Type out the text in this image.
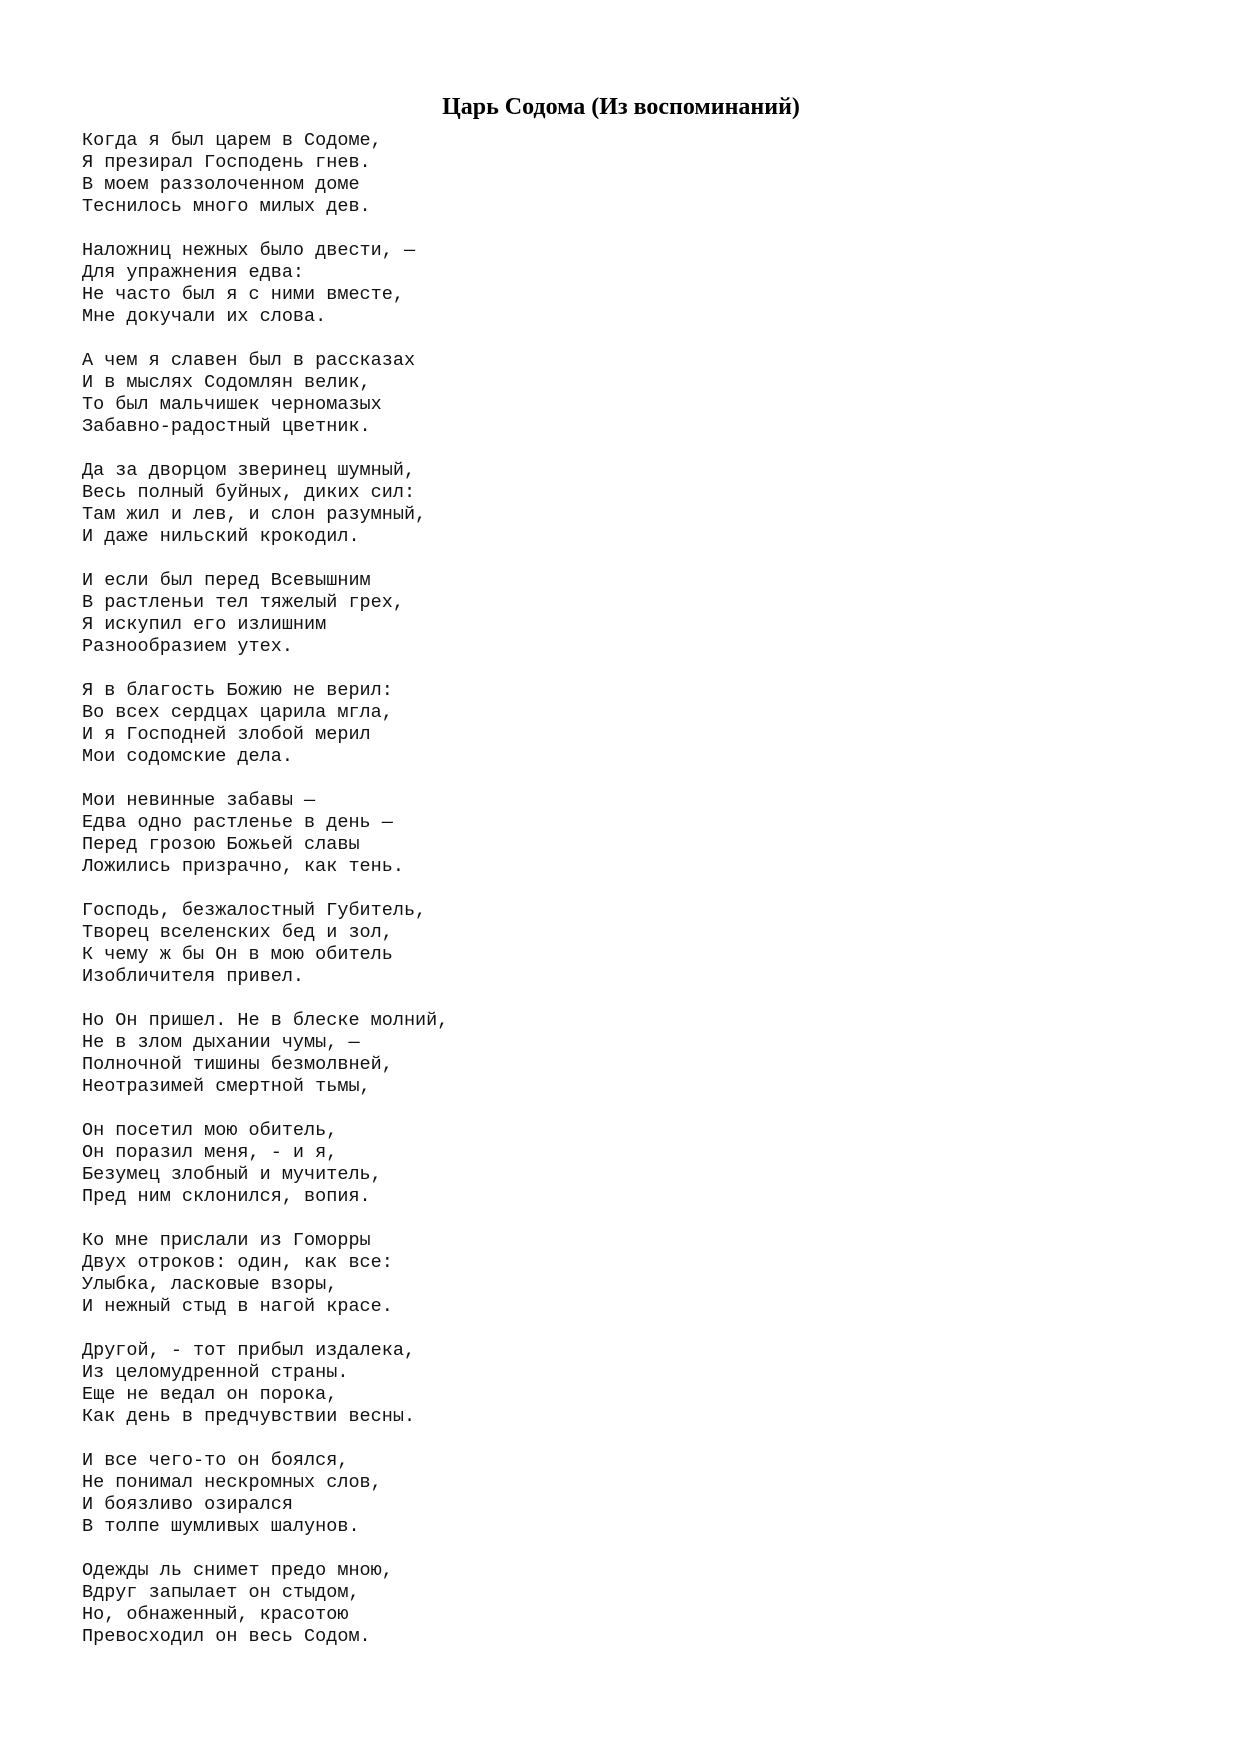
Царь Содома (Из воспоминаний)
Когда я был царем в Содоме,
Я презирал Господень гнев.
В моем раззолоченном доме
Теснилось много милых дев.
Наложниц нежных было двести, —
Для упражнения едва:
Не часто был я с ними вместе,
Мне докучали их слова.
А чем я славен был в рассказах
И в мыслях Содомлян велик,
То был мальчишек черномазых
Забавно-радостный цветник.
Да за дворцом зверинец шумный,
Весь полный буйных, диких сил:
Там жил и лев, и слон разумный,
И даже нильский крокодил.
И если был перед Всевышним
В растленьи тел тяжелый грех,
Я искупил его излишним
Разнообразием утех.
Я в благость Божию не верил:
Во всех сердцах царила мгла,
И я Господней злобой мерил
Мои содомские дела.
Мои невинные забавы —
Едва одно растленье в день —
Перед грозою Божьей славы
Ложились призрачно, как тень.
Господь, безжалостный Губитель,
Творец вселенских бед и зол,
К чему ж бы Он в мою обитель
Изобличителя привел.
Но Он пришел. Не в блеске молний,
Не в злом дыхании чумы, —
Полночной тишины безмолвней,
Неотразимей смертной тьмы,
Он посетил мою обитель,
Он поразил меня, - и я,
Безумец злобный и мучитель,
Пред ним склонился, вопия.
Ко мне прислали из Гоморры
Двух отроков: один, как все:
Улыбка, ласковые взоры,
И нежный стыд в нагой красе.
Другой, - тот прибыл издалека,
Из целомудренной страны.
Еще не ведал он порока,
Как день в предчувствии весны.
И все чего-то он боялся,
Не понимал нескромных слов,
И боязливо озирался
В толпе шумливых шалунов.
Одежды ль снимет предо мною,
Вдруг запылает он стыдом,
Но, обнаженный, красотою
Превосходил он весь Содом.
